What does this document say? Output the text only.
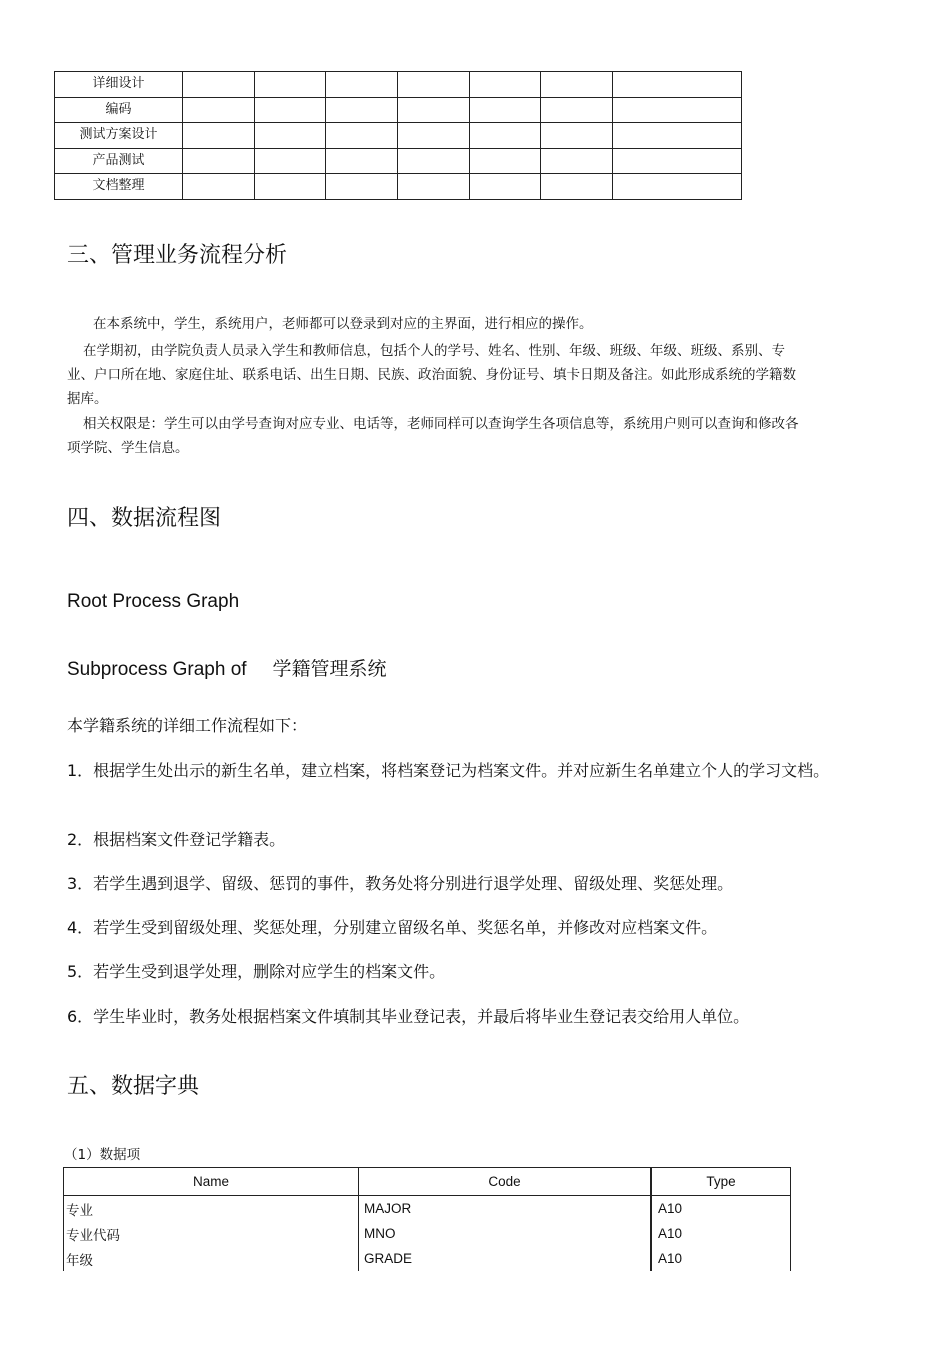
详细设计							
编码							
测试方案设计							
产品测试							
文档整理							
三、管理业务流程分析

在本系统中，学生，系统用户，老师都可以登录到对应的主界面，进行相应的操作。

在学期初，由学院负责人员录入学生和教师信息，包括个人的学号、姓名、性别、年级、班级、年级、班级、系别、专业、户口所在地、家庭住址、联系电话、出生日期、民族、政治面貌、身份证号、填卡日期及备注。如此形成系统的学籍数据库。

相关权限是：学生可以由学号查询对应专业、电话等，老师同样可以查询学生各项信息等，系统用户则可以查询和修改各项学院、学生信息。

四、数据流程图

Root Process Graph

Subprocess Graph of 学籍管理系统

本学籍系统的详细工作流程如下：

1．根据学生处出示的新生名单，建立档案，将档案登记为档案文件。并对应新生名单建立个人的学习文档。

2．根据档案文件登记学籍表。

3．若学生遇到退学、留级、惩罚的事件，教务处将分别进行退学处理、留级处理、奖惩处理。

4．若学生受到留级处理、奖惩处理，分别建立留级名单、奖惩名单，并修改对应档案文件。

5．若学生受到退学处理，删除对应学生的档案文件。

6．学生毕业时，教务处根据档案文件填制其毕业登记表，并最后将毕业生登记表交给用人单位。

五、数据字典

（1）数据项

Name	Code	Type
专业	MAJOR	A10
专业代码	MNO	A10
年级	GRADE	A10
